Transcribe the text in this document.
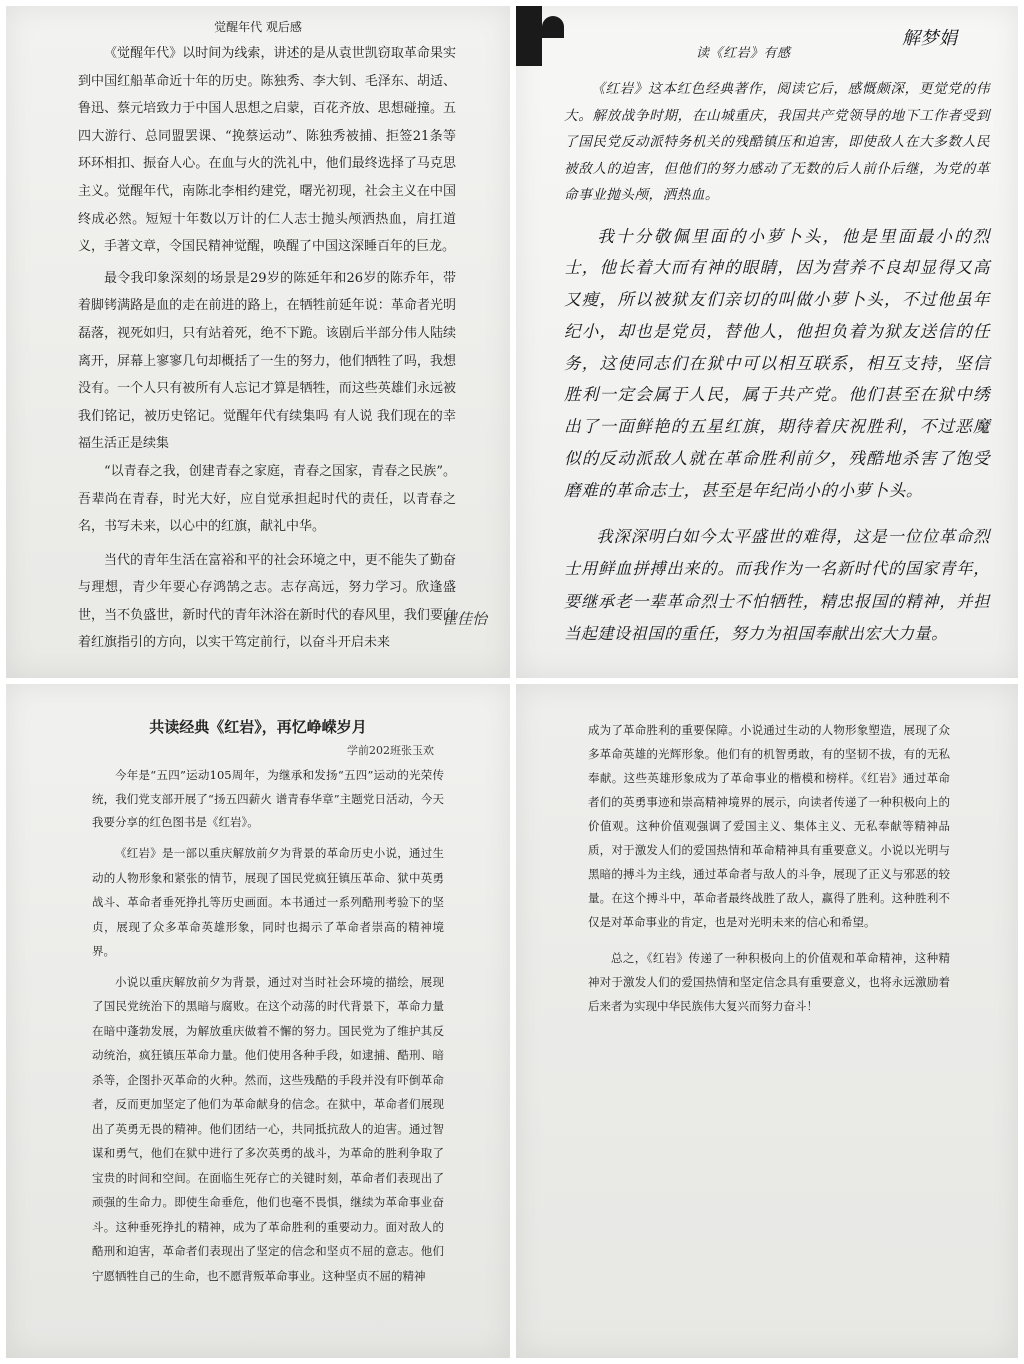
觉醒年代 观后感

《觉醒年代》以时间为线索，讲述的是从袁世凯窃取革命果实到中国红船革命近十年的历史。陈独秀、李大钊、毛泽东、胡适、鲁迅、蔡元培致力于中国人思想之启蒙，百花齐放、思想碰撞。五四大游行、总同盟罢课、“挽蔡运动”、陈独秀被捕、拒签21条等环环相扣、振奋人心。在血与火的洗礼中，他们最终选择了马克思主义。觉醒年代，南陈北李相约建党，曙光初现，社会主义在中国终成必然。短短十年数以万计的仁人志士抛头颅洒热血，肩扛道义，手著文章，令国民精神觉醒，唤醒了中国这深睡百年的巨龙。

最令我印象深刻的场景是29岁的陈延年和26岁的陈乔年，带着脚铐满路是血的走在前进的路上，在牺牲前延年说：革命者光明磊落，视死如归，只有站着死，绝不下跪。该剧后半部分伟人陆续离开，屏幕上寥寥几句却概括了一生的努力，他们牺牲了吗，我想没有。一个人只有被所有人忘记才算是牺牲，而这些英雄们永远被我们铭记，被历史铭记。觉醒年代有续集吗 有人说 我们现在的幸福生活正是续集

“以青春之我，创建青春之家庭，青春之国家，青春之民族”。吾辈尚在青春，时光大好，应自觉承担起时代的责任，以青春之名，书写未来，以心中的红旗，献礼中华。

当代的青年生活在富裕和平的社会环境之中，更不能失了勤奋与理想，青少年要心存鸿鹄之志。志存高远，努力学习。欣逢盛世，当不负盛世，新时代的青年沐浴在新时代的春风里，我们要向着红旗指引的方向，以实干笃定前行，以奋斗开启未来

崔佳怡
读《红岩》有感
解梦娟

《红岩》这本红色经典著作，阅读它后，感慨颇深，更觉党的伟大。解放战争时期，在山城重庆，我国共产党领导的地下工作者受到了国民党反动派特务机关的残酷镇压和迫害，即使敌人在大多数人民被敌人的迫害，但他们的努力感动了无数的后人前仆后继，为党的革命事业抛头颅，洒热血。

我十分敬佩里面的小萝卜头，他是里面最小的烈士，他长着大而有神的眼睛，因为营养不良却显得又高又瘦，所以被狱友们亲切的叫做小萝卜头，不过他虽年纪小，却也是党员，替他人，他担负着为狱友送信的任务，这使同志们在狱中可以相互联系，相互支持，坚信胜利一定会属于人民，属于共产党。他们甚至在狱中绣出了一面鲜艳的五星红旗，期待着庆祝胜利，不过恶魔似的反动派敌人就在革命胜利前夕，残酷地杀害了饱受磨难的革命志士，甚至是年纪尚小的小萝卜头。

我深深明白如今太平盛世的难得，这是一位位革命烈士用鲜血拼搏出来的。而我作为一名新时代的国家青年，要继承老一辈革命烈士不怕牺牲，精忠报国的精神，并担当起建设祖国的重任，努力为祖国奉献出宏大力量。

共读经典《红岩》，再忆峥嵘岁月
学前202班张玉欢

今年是“五四”运动105周年，为继承和发扬“五四”运动的光荣传统，我们党支部开展了“扬五四薪火 谱青春华章”主题党日活动，今天我要分享的红色图书是《红岩》。

《红岩》是一部以重庆解放前夕为背景的革命历史小说，通过生动的人物形象和紧张的情节，展现了国民党疯狂镇压革命、狱中英勇战斗、革命者垂死挣扎等历史画面。本书通过一系列酷刑考验下的坚贞，展现了众多革命英雄形象，同时也揭示了革命者崇高的精神境界。

小说以重庆解放前夕为背景，通过对当时社会环境的描绘，展现了国民党统治下的黑暗与腐败。在这个动荡的时代背景下，革命力量在暗中蓬勃发展，为解放重庆做着不懈的努力。国民党为了维护其反动统治，疯狂镇压革命力量。他们使用各种手段，如逮捕、酷刑、暗杀等，企图扑灭革命的火种。然而，这些残酷的手段并没有吓倒革命者，反而更加坚定了他们为革命献身的信念。在狱中，革命者们展现出了英勇无畏的精神。他们团结一心，共同抵抗敌人的迫害。通过智谋和勇气，他们在狱中进行了多次英勇的战斗，为革命的胜利争取了宝贵的时间和空间。在面临生死存亡的关键时刻，革命者们表现出了顽强的生命力。即使生命垂危，他们也毫不畏惧，继续为革命事业奋斗。这种垂死挣扎的精神，成为了革命胜利的重要动力。面对敌人的酷刑和迫害，革命者们表现出了坚定的信念和坚贞不屈的意志。他们宁愿牺牲自己的生命，也不愿背叛革命事业。这种坚贞不屈的精神

成为了革命胜利的重要保障。小说通过生动的人物形象塑造，展现了众多革命英雄的光辉形象。他们有的机智勇敢，有的坚韧不拔，有的无私奉献。这些英雄形象成为了革命事业的楷模和榜样。《红岩》通过革命者们的英勇事迹和崇高精神境界的展示，向读者传递了一种积极向上的价值观。这种价值观强调了爱国主义、集体主义、无私奉献等精神品质，对于激发人们的爱国热情和革命精神具有重要意义。小说以光明与黑暗的搏斗为主线，通过革命者与敌人的斗争，展现了正义与邪恶的较量。在这个搏斗中，革命者最终战胜了敌人，赢得了胜利。这种胜利不仅是对革命事业的肯定，也是对光明未来的信心和希望。

总之，《红岩》传递了一种积极向上的价值观和革命精神，这种精神对于激发人们的爱国热情和坚定信念具有重要意义，也将永远激励着后来者为实现中华民族伟大复兴而努力奋斗！
